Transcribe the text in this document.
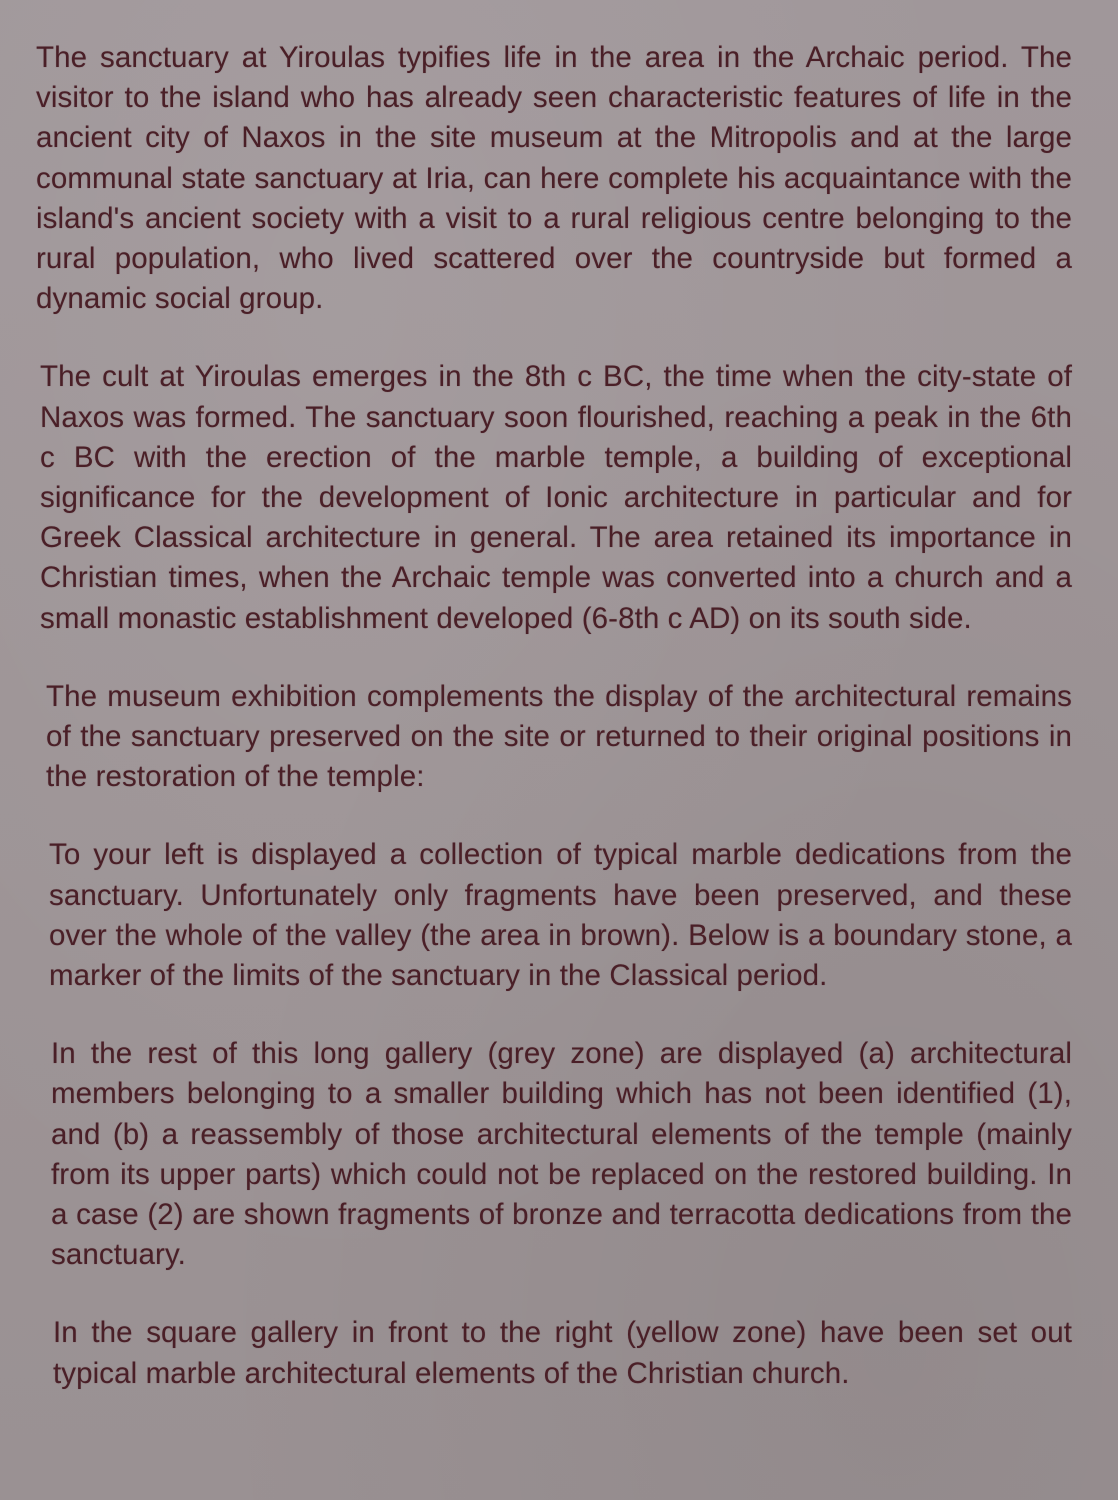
The sanctuary at Yiroulas typifies life in the area in the Archaic period. The visitor to the island who has already seen characteristic features of life in the ancient city of Naxos in the site museum at the Mitropolis and at the large communal state sanctuary at Iria, can here complete his acquaintance with the island's ancient society with a visit to a rural religious centre belonging to the rural population, who lived scattered over the countryside but formed a dynamic social group.

The cult at Yiroulas emerges in the 8th c BC, the time when the city-state of Naxos was formed. The sanctuary soon flourished, reaching a peak in the 6th c BC with the erection of the marble temple, a building of exceptional significance for the development of Ionic architecture in particular and for Greek Classical architecture in general. The area retained its importance in Christian times, when the Archaic temple was converted into a church and a small monastic establishment developed (6-8th c AD) on its south side.

The museum exhibition complements the display of the architectural remains of the sanctuary preserved on the site or returned to their original positions in the restoration of the temple:

To your left is displayed a collection of typical marble dedications from the sanctuary. Unfortunately only fragments have been preserved, and these over the whole of the valley (the area in brown). Below is a boundary stone, a marker of the limits of the sanctuary in the Classical period.

In the rest of this long gallery (grey zone) are displayed (a) architectural members belonging to a smaller building which has not been identified (1), and (b) a reassembly of those architectural elements of the temple (mainly from its upper parts) which could not be replaced on the restored building. In a case (2) are shown fragments of bronze and terracotta dedications from the sanctuary.

In the square gallery in front to the right (yellow zone) have been set out typical marble architectural elements of the Christian church.
